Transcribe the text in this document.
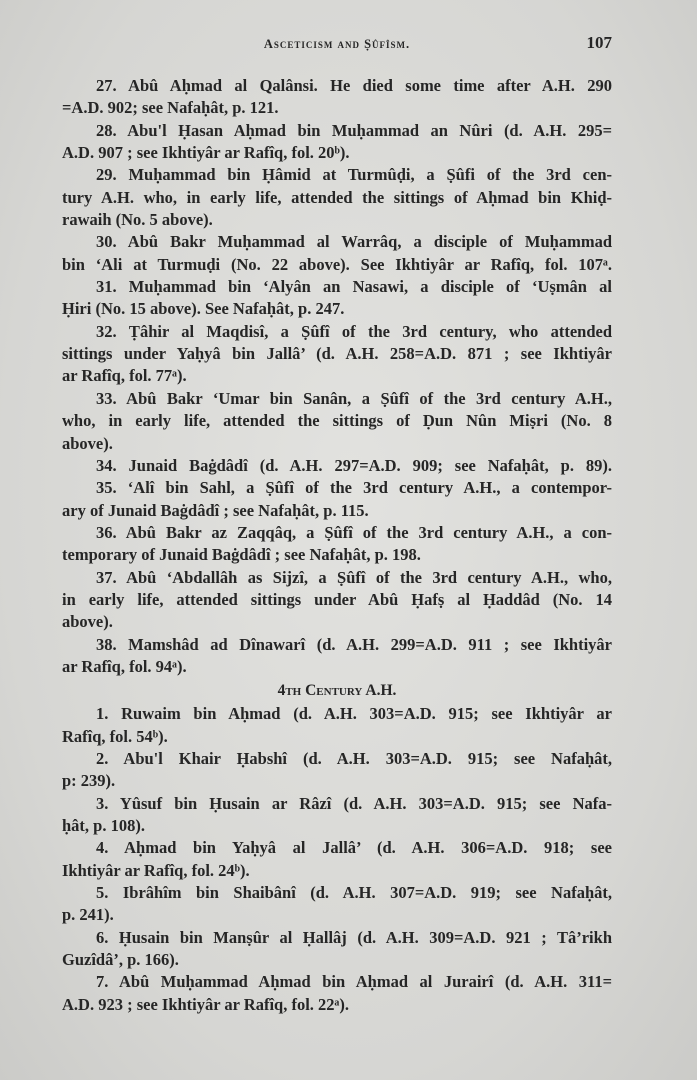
Asceticism and Ṣûfîsm.	107
27. Abû Aḥmad al Qalânsi. He died some time after A.H. 290
=A.D. 902; see Nafaḥât, p. 121.
28. Abu'l Ḥasan Aḥmad bin Muḥammad an Nûri (d. A.H. 295=
A.D. 907 ; see Ikhtiyâr ar Rafîq, fol. 20ᵇ).
29. Muḥammad bin Ḥâmid at Turmûḍi, a Ṣûfi of the 3rd cen-
tury A.H. who, in early life, attended the sittings of Aḥmad bin Khiḍ-
rawaih (No. 5 above).
30. Abû Bakr Muḥammad al Warrâq, a disciple of Muḥammad
bin ‘Ali at Turmuḍi (No. 22 above). See Ikhtiyâr ar Rafîq, fol. 107ᵃ.
31. Muḥammad bin ‘Alyân an Nasawi, a disciple of ‘Uṣmân al
Ḥiri (No. 15 above). See Nafaḥât, p. 247.
32. Ṭâhir al Maqdisî, a Ṣûfî of the 3rd century, who attended
sittings under Yaḥyâ bin Jallâ’ (d. A.H. 258=A.D. 871 ; see Ikhtiyâr
ar Rafîq, fol. 77ᵃ).
33. Abû Bakr ‘Umar bin Sanân, a Ṣûfî of the 3rd century A.H.,
who, in early life, attended the sittings of Ḍun Nûn Miṣri (No. 8
above).
34. Junaid Baġdâdî (d. A.H. 297=A.D. 909; see Nafaḥât, p. 89).
35. ‘Alî bin Sahl, a Ṣûfî of the 3rd century A.H., a contempor-
ary of Junaid Baġdâdî ; see Nafaḥât, p. 115.
36. Abû Bakr az Zaqqâq, a Ṣûfî of the 3rd century A.H., a con-
temporary of Junaid Baġdâdî ; see Nafaḥât, p. 198.
37. Abû ‘Abdallâh as Sijzî, a Ṣûfî of the 3rd century A.H., who,
in early life, attended sittings under Abû Ḥafṣ al Ḥaddâd (No. 14
above).
38. Mamshâd ad Dînawarî (d. A.H. 299=A.D. 911 ; see Ikhtiyâr
ar Rafîq, fol. 94ᵃ).
4th Century A.H.
1. Ruwaim bin Aḥmad (d. A.H. 303=A.D. 915; see Ikhtiyâr ar
Rafîq, fol. 54ᵇ).
2. Abu'l Khair Ḥabshî (d. A.H. 303=A.D. 915; see Nafaḥât,
p: 239).
3. Yûsuf bin Ḥusain ar Râzî (d. A.H. 303=A.D. 915; see Nafa-
ḥât, p. 108).
4. Aḥmad bin Yaḥyâ al Jallâ’ (d. A.H. 306=A.D. 918; see
Ikhtiyâr ar Rafîq, fol. 24ᵇ).
5. Ibrâhîm bin Shaibânî (d. A.H. 307=A.D. 919; see Nafaḥât,
p. 241).
6. Ḥusain bin Manṣûr al Ḥallâj (d. A.H. 309=A.D. 921 ; Tâ’rikh
Guzîdâ’, p. 166).
7. Abû Muḥammad Aḥmad bin Aḥmad al Jurairî (d. A.H. 311=
A.D. 923 ; see Ikhtiyâr ar Rafîq, fol. 22ᵃ).
